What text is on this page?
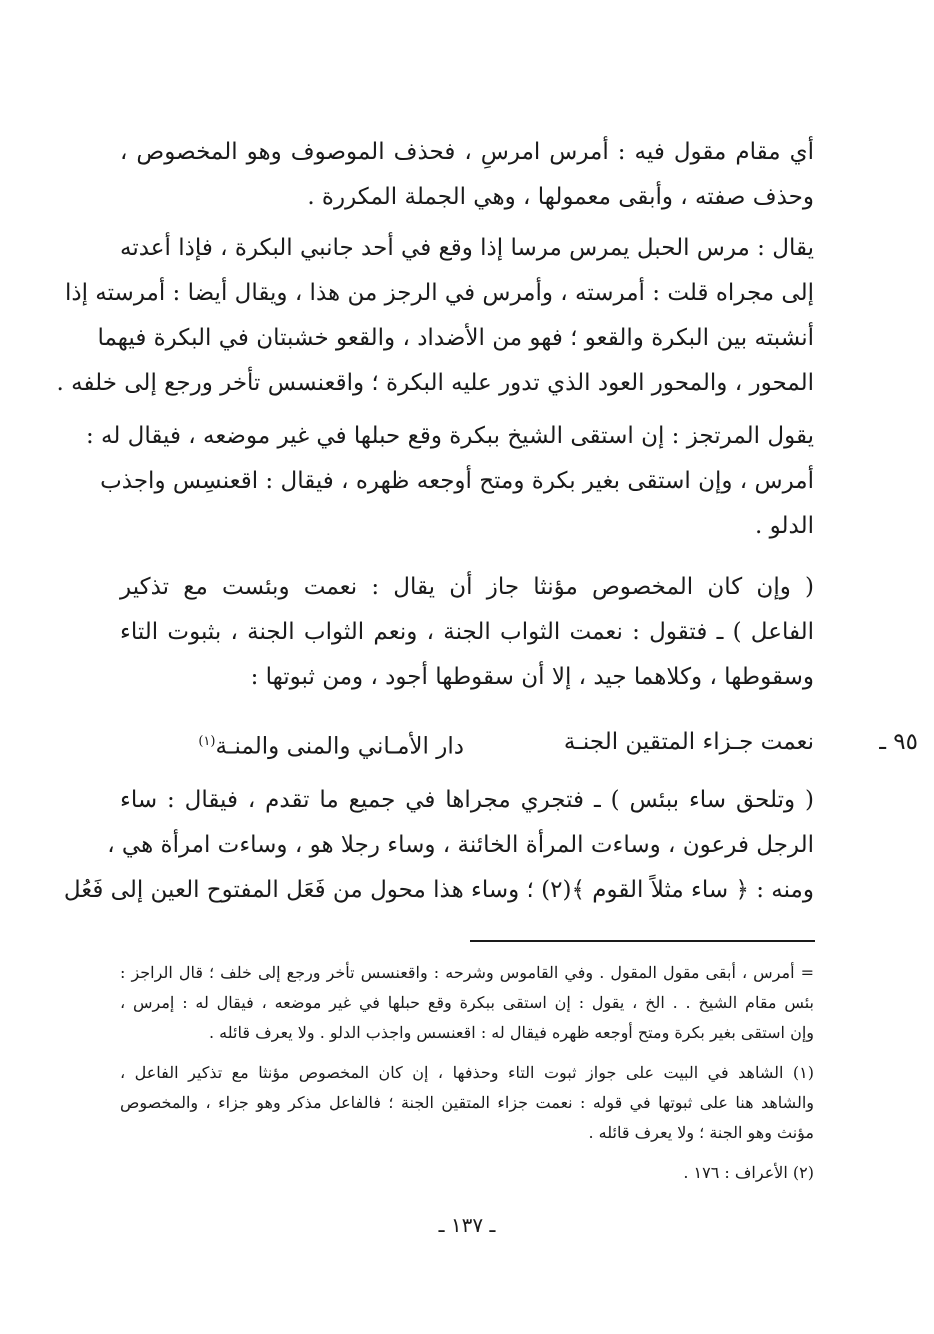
أي مقام مقول فيه : أمرس امرسِ ، فحذف الموصوف وهو المخصوص ،
وحذف صفته ، وأبقى معمولها ، وهي الجملة المكررة .
يقال : مرس الحبل يمرس مرسا إذا وقع في أحد جانبي البكرة ، فإذا أعدته
إلى مجراه قلت : أمرسته ، وأمرس في الرجز من هذا ، ويقال أيضا : أمرسته إذا
أنشبته بين البكرة والقعو ؛ فهو من الأضداد ، والقعو خشبتان في البكرة فيهما
المحور ، والمحور العود الذي تدور عليه البكرة ؛ واقعنسس تأخر ورجع إلى خلفه .
يقول المرتجز : إن استقى الشيخ ببكرة وقع حبلها في غير موضعه ، فيقال له :
أمرس ، وإن استقى بغير بكرة ومتح أوجعه ظهره ، فيقال : اقعنسِس واجذب
الدلو .
( وإن كان المخصوص مؤنثا جاز أن يقال : نعمت وبئست مع تذكير
الفاعل ) ـ فتقول : نعمت الثواب الجنة ، ونعم الثواب الجنة ، بثبوت التاء
وسقوطها ، وكلاهما جيد ، إلا أن سقوطها أجود ، ومن ثبوتها :
٩٥ ـ
نعمت جـزاء المتقين الجنـة
دار الأمـاني والمنى والمنـة$^{(١)}$
( وتلحق ساء ببئس ) ـ فتجري مجراها في جميع ما تقدم ، فيقال : ساء
الرجل فرعون ، وساءت المرأة الخائنة ، وساء رجلا هو ، وساءت امرأة هي ،
ومنه : ﴿ ساء مثلاً القوم ﴾(٢) ؛ وساء هذا محول من فَعَل المفتوح العين إلى فَعُل
= أمرس ، أبقى مقول المقول . وفي القاموس وشرحه : واقعنسس تأخر ورجع إلى خلف ؛ قال الراجز :
بئس مقام الشيخ . . الخ ، يقول : إن استقى ببكرة وقع حبلها في غير موضعه ، فيقال له : إمرس ،
وإن استقى بغير بكرة ومتح أوجعه ظهره فيقال له : اقعنسس واجذب الدلو . ولا يعرف قائله .
(١) الشاهد في البيت على جواز ثبوت التاء وحذفها ، إن كان المخصوص مؤنثا مع تذكير الفاعل ،
والشاهد هنا على ثبوتها في قوله : نعمت جزاء المتقين الجنة ؛ فالفاعل مذكر وهو جزاء ، والمخصوص
مؤنث وهو الجنة ؛ ولا يعرف قائله .
(٢) الأعراف : ١٧٦ .
ـ ١٣٧ ـ
